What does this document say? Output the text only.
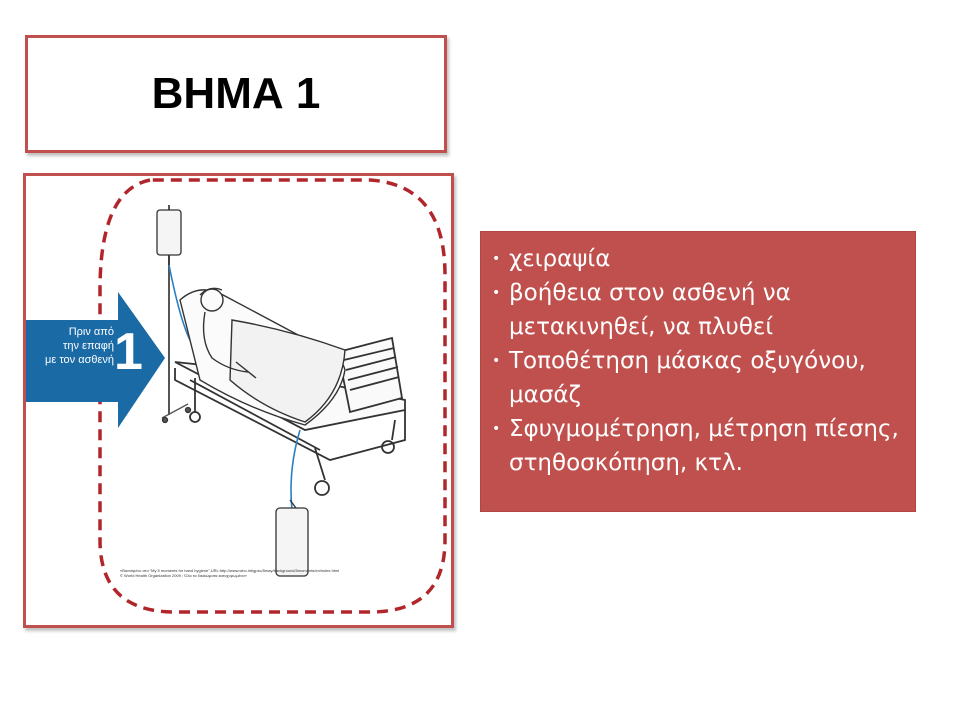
ΒΗΜΑ 1
Πριν από
την επαφή
με τον ασθενή 1
«Βασισμένο στο “My 5 moments for hand hygiene”,URL:http://www.who.int/gpsc/5may/background/5moments/en/index.html
© World Health Organization 2009 ; Όλα τα δικαιώματα κατοχυρωμένα»
• χειραψία
• βοήθεια στον ασθενή να μετακινηθεί, να πλυθεί
• Τοποθέτηση μάσκας οξυγόνου, μασάζ
• Σφυγμομέτρηση, μέτρηση πίεσης, στηθοσκόπηση, κτλ.
